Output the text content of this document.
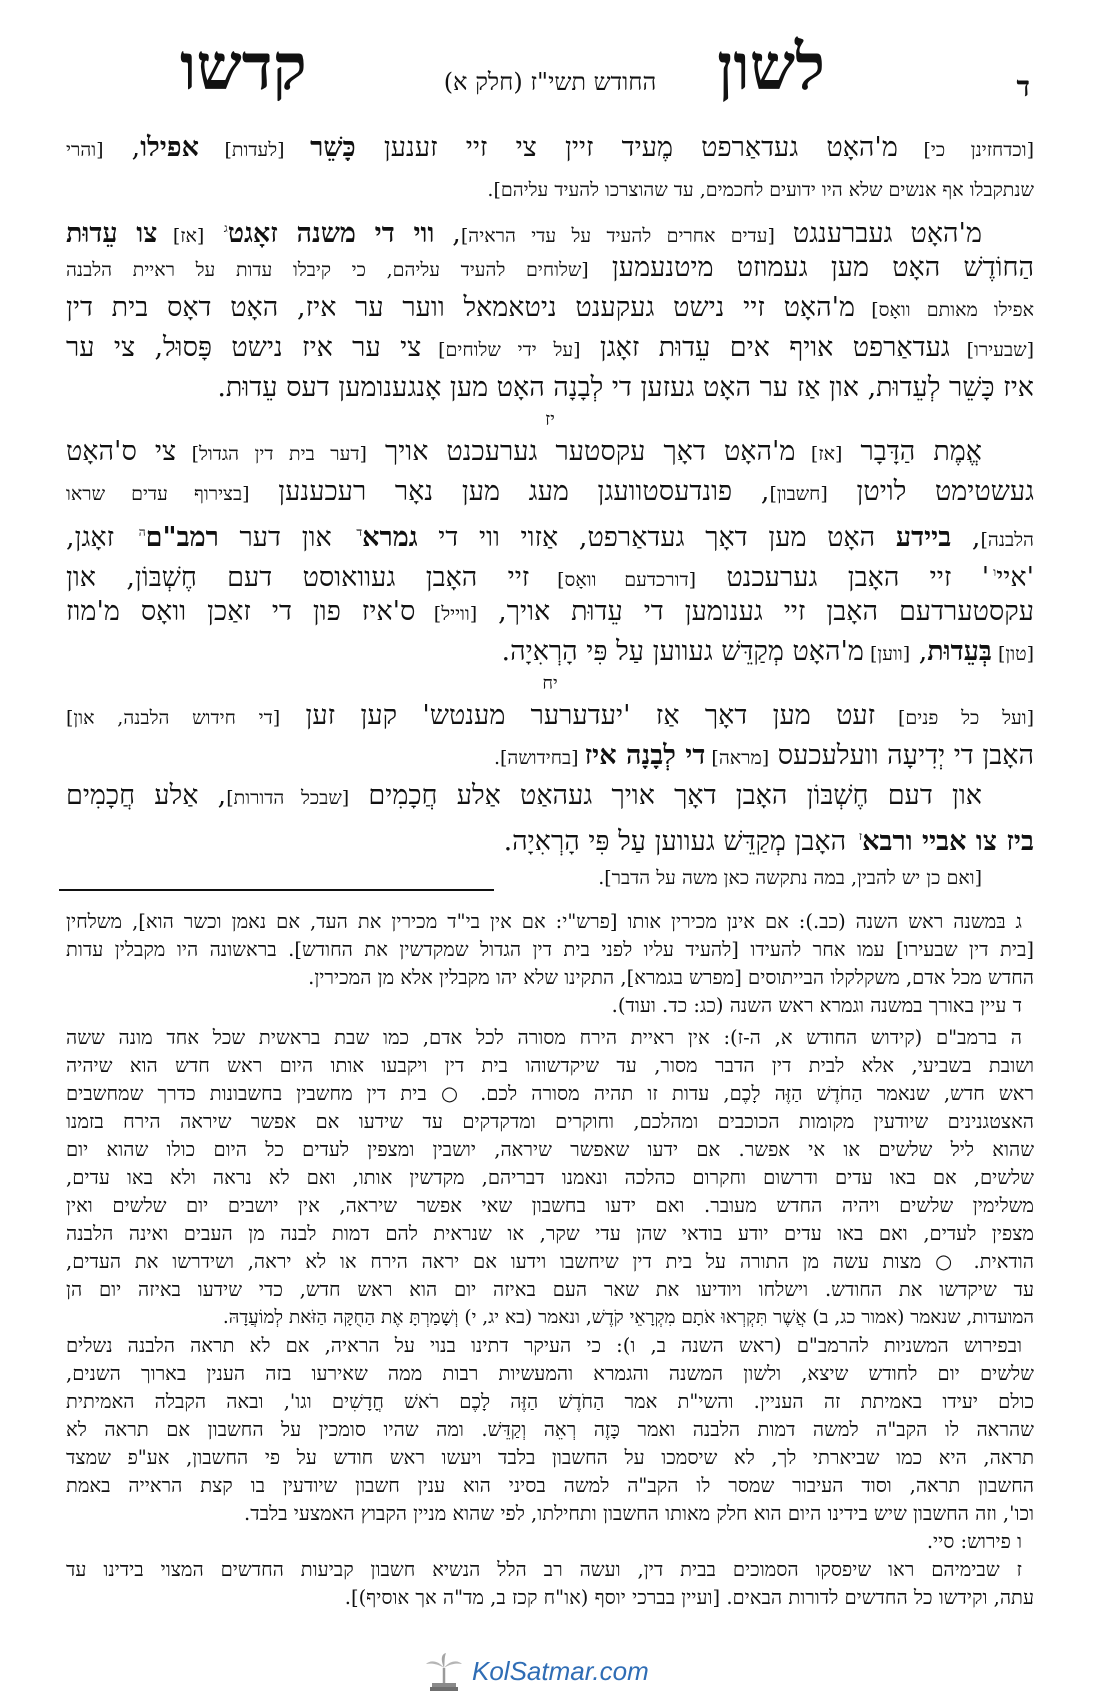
ד
לשון
החודש תשי"ז (חלק א)
קדשו
[וכדחזינן כי] מ'האָט געדאַרפט מֶעיד זיין צי זיי זענען כָּשֵׁר [לעדות] אפילו, [והרי
שנתקבלו אף אנשים שלא היו ידועים לחכמים, עד שהוצרכו להעיד עליהם].
מ'האָט געברענגט [עדים אחרים להעיד על עדי הראיה], ווי די משנה זאָגט$^ג$ [אז] צו עֵדוּת
הַחוֹדֶשׁ האָט מען געמוזט מיטנעמען [שלוחים להעיד עליהם, כי קיבלו עדות על ראיית הלבנה
אפילו מאותם וואָס] מ'האָט זיי נישט געקענט ניטאמאל ווער ער איז, האָט דאָס בית דין
[שבעירו] געדאַרפט אויף אים עֵדוּת זאָגן [על ידי שלוחים] צי ער איז נישט פָּסוּל, צי ער
איז כָּשֵׁר לְעֵדוּת, און אַז ער האָט געזען די לְבָנָה האָט מען אָנגענומען דעס עֵדוּת.
יז
אֱמֶת הַדָּבָר [אז] מ'האָט דאָך עקסטער גערעכנט אויך [דער בית דין הגדול] צי ס'האָט
געשטימט לויטן [חשבון], פונדעסטוועגן מעג מען נאָר רעכענען [בצירוף עדים שראו
הלבנה], ביידע האָט מען דאָך געדאַרפט, אַזוי ווי די גמרא$^ד$ און דער רמב"ם$^ה$ זאָגן,
'איי$^ו$' זיי האָבן גערעכנט [דורכדעם וואָס] זיי האָבן געוואוסט דעם חֶשְׁבּוֹן, און
עקסטערדעם האָבן זיי גענומען די עֵדוּת אויך, [ווייל] ס'איז פון די זאַכן וואָס מ'מוז
[טון] בְּעֵדוּת, [ווען] מ'האָט מְקַדֵּשׁ געווען עַל פִּי הָרְאִיָה.
יח
[ועל כל פנים] זעט מען דאָך אַז 'יעדערער מענטש' קען זען [די חידוש הלבנה, און]
האָבן די יְדִיעָה וועלעכעס [מראה] די לְבָנָה איז [בחידושה].
און דעם חֶשְׁבּוֹן האָבן דאָך אויך געהאַט אַלע חֲכָמִים [שבכל הדורות], אַלע חֲכָמִים
ביז צו אביי ורבא$^ז$ האָבן מְקַדֵּשׁ געווען עַל פִּי הָרְאִיָה.
[ואם כן יש להבין, במה נתקשה כאן משה על הדבר].
ג בּמשנה ראש השנה (כב.): אם אינן מכירין אותו [פרש"י: אם אין בי"ד מכירין את העד, אם נאמן וכשר הוא], משלחין
[בית דין שבעירו] עמו אחר להעידו [להעיד עליו לפני בית דין הגדול שמקדשין את החודש]. בראשונה היו מקבלין עדות
החדש מכל אדם, משקלקלו הבייתוסים [מפרש בגמרא], התקינו שלא יהו מקבלין אלא מן המכירין.
ד עיין באורך במשנה וגמרא ראש השנה (כג: כד. ועוד).
ה ברמב"ם (קידוש החודש א, ה-ז): אין ראיית הירח מסורה לכל אדם, כמו שבת בראשית שכל אחד מונה ששה
ושובת בשביעי, אלא לבית דין הדבר מסור, עד שיקדשוהו בית דין ויקבעו אותו היום ראש חדש הוא שיהיה
ראש חדש, שנאמר הַחֹדֶשׁ הַזֶּה לָכֶם, עדות זו תהיה מסורה לכם. ○ בית דין מחשבין בחשבונות כדרך שמחשבים
האצטגנינים שיודעין מקומות הכוכבים ומהלכם, וחוקרים ומדקדקים עד שידעו אם אפשר שיראה הירח בזמנו
שהוא ליל שלשים או אי אפשר. אם ידעו שאפשר שיראה, יושבין ומצפין לעדים כל היום כולו שהוא יום
שלשים, אם באו עדים ודרשום וחקרום כהלכה ונאמנו דבריהם, מקדשין אותו, ואם לא נראה ולא באו עדים,
משלימין שלשים ויהיה החדש מעובר. ואם ידעו בחשבון שאי אפשר שיראה, אין יושבים יום שלשים ואין
מצפין לעדים, ואם באו עדים יודע בודאי שהן עדי שקר, או שנראית להם דמות לבנה מן העבים ואינה הלבנה
הודאית. ○ מצות עשה מן התורה על בית דין שיחשבו וידעו אם יראה הירח או לא יראה, ושידרשו את העדים,
עד שיקדשו את החודש. וישלחו ויודיעו את שאר העם באיזה יום הוא ראש חדש, כדי שידעו באיזה יום הן
המועדות, שנאמר (אמור כג, ב) אֲשֶׁר תִּקְרְאוּ אֹתָם מִקְרָאֵי קֹדֶשׁ, ונאמר (בא יג, י) וְשָׁמַרְתָּ אֶת הַחֻקָּה הַזֹּאת לְמוֹעֲדָהּ.
ובפירוש המשניות להרמב"ם (ראש השנה ב, ו): כי העיקר דתינו בנוי על הראיה, אם לא תראה הלבנה נשלים
שלשים יום לחודש שיצא, ולשון המשנה והגמרא והמעשיות רבות ממה שאירעו בזה הענין בארוך השנים,
כולם יעידו באמיתת זה העניין. והשי"ת אמר הַחֹדֶשׁ הַזֶּה לָכֶם רֹאשׁ חֳדָשִׁים וגו', ובאה הקבלה האמיתית
שהראה לו הקב"ה למשה דמות הלבנה ואמר כָּזֶה רְאֵה וְקַדֵּשׁ. ומה שהיו סומכין על החשבון אם תראה לא
תראה, היא כמו שביארתי לך, לא שיסמכו על החשבון בלבד ויעשו ראש חודש על פי החשבון, אע"פ שמצד
החשבון תראה, וסוד העיבור שמסר לו הקב"ה למשה בסיני הוא ענין חשבון שיודעין בו קצת הראייה באמת
וכו', וזה החשבון שיש בידינו היום הוא חלק מאותו החשבון ותחילתו, לפי שהוא מניין הקבוץ האמצעי בלבד.
ו פירוש: סיי.
ז שבימיהם ראו שיפסקו הסמוכים בבית דין, ועשה רב הלל הנשיא חשבון קביעות החדשים המצוי בידינו עד
עתה, וקידשו כל החדשים לדורות הבאים. [ועיין בברכי יוסף (או"ח קכז ב, מד"ה אך אוסיף)].
KolSatmar.com
